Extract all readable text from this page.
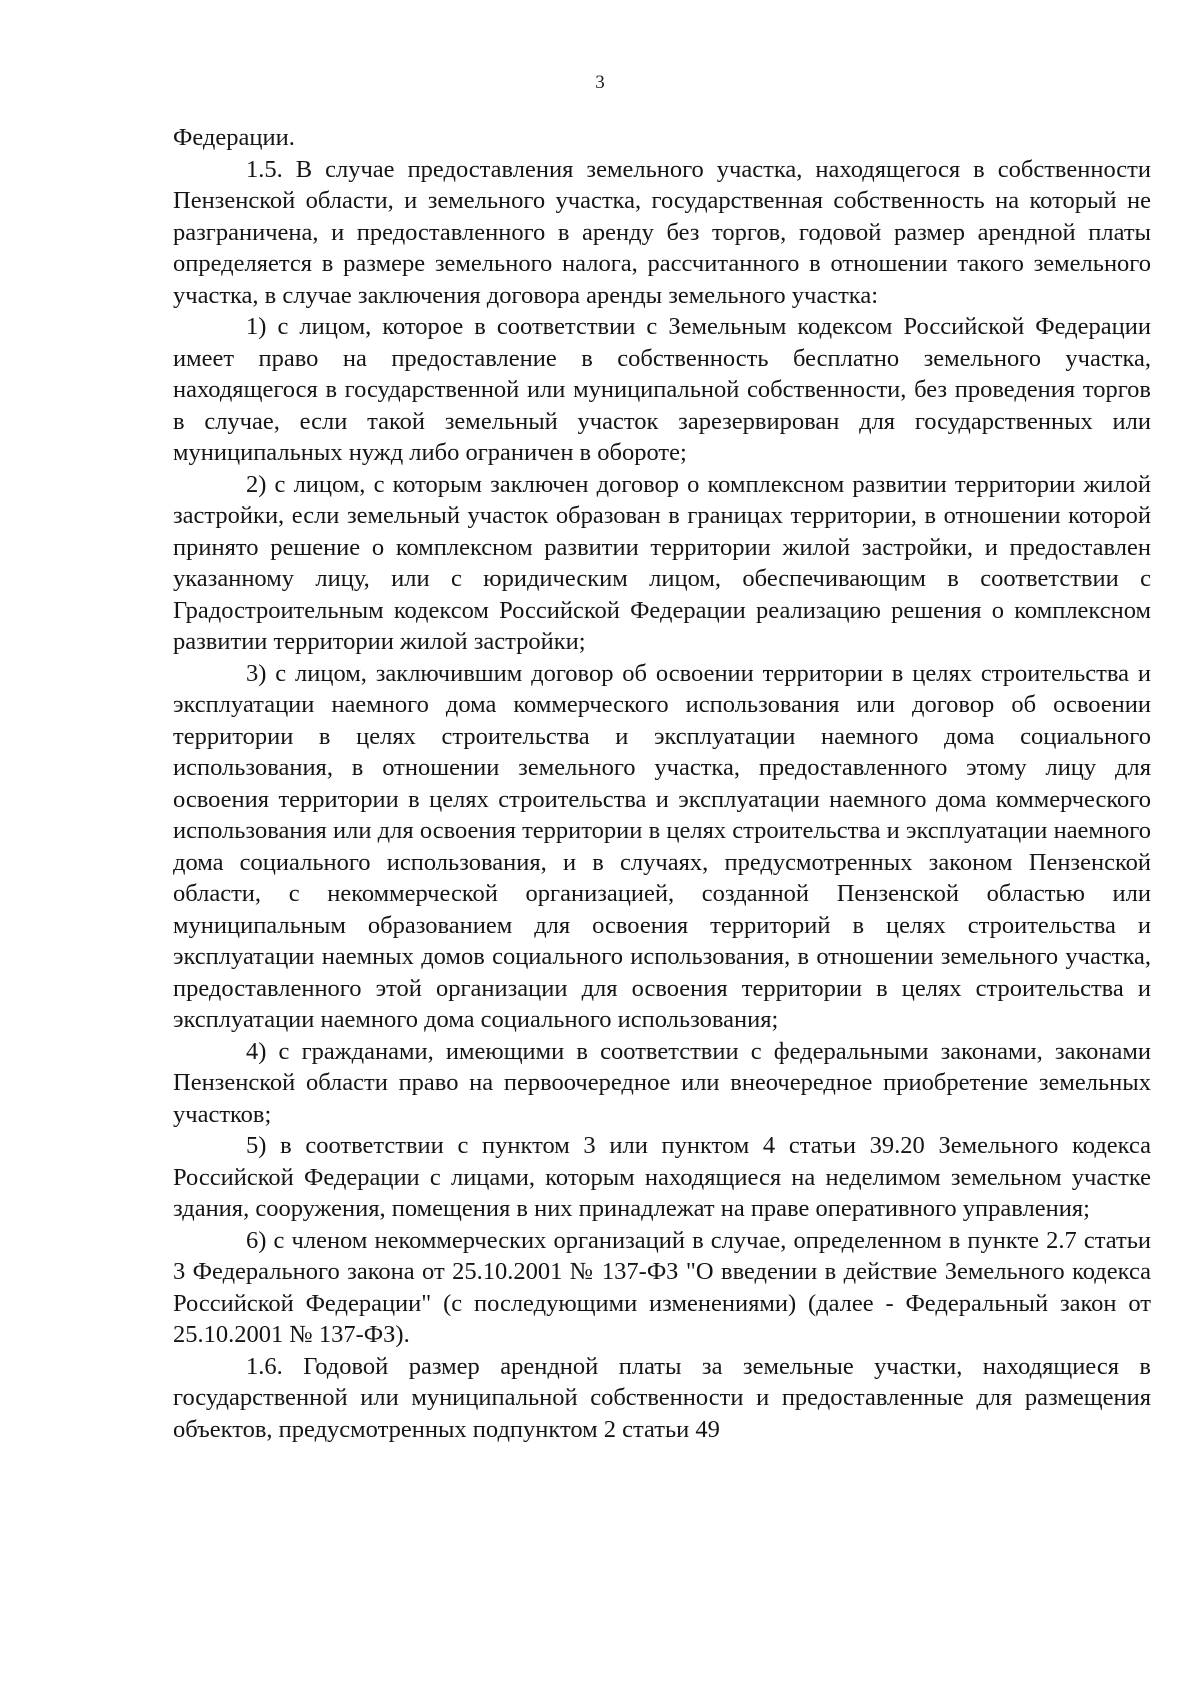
3

Федерации.

1.5. В случае предоставления земельного участка, находящегося в собственности Пензенской области, и земельного участка, государственная собственность на который не разграничена, и предоставленного в аренду без торгов, годовой размер арендной платы определяется в размере земельного налога, рассчитанного в отношении такого земельного участка, в случае заключения договора аренды земельного участка:

1) с лицом, которое в соответствии с Земельным кодексом Российской Федерации имеет право на предоставление в собственность бесплатно земельного участка, находящегося в государственной или муниципальной собственности, без проведения торгов в случае, если такой земельный участок зарезервирован для государственных или муниципальных нужд либо ограничен в обороте;

2) с лицом, с которым заключен договор о комплексном развитии территории жилой застройки, если земельный участок образован в границах территории, в отношении которой принято решение о комплексном развитии территории жилой застройки, и предоставлен указанному лицу, или с юридическим лицом, обеспечивающим в соответствии с Градостроительным кодексом Российской Федерации реализацию решения о комплексном развитии территории жилой застройки;

3) с лицом, заключившим договор об освоении территории в целях строительства и эксплуатации наемного дома коммерческого использования или договор об освоении территории в целях строительства и эксплуатации наемного дома социального использования, в отношении земельного участка, предоставленного этому лицу для освоения территории в целях строительства и эксплуатации наемного дома коммерческого использования или для освоения территории в целях строительства и эксплуатации наемного дома социального использования, и в случаях, предусмотренных законом Пензенской области, с некоммерческой организацией, созданной Пензенской областью или муниципальным образованием для освоения территорий в целях строительства и эксплуатации наемных домов социального использования, в отношении земельного участка, предоставленного этой организации для освоения территории в целях строительства и эксплуатации наемного дома социального использования;

4) с гражданами, имеющими в соответствии с федеральными законами, законами Пензенской области право на первоочередное или внеочередное приобретение земельных участков;

5) в соответствии с пунктом 3 или пунктом 4 статьи 39.20 Земельного кодекса Российской Федерации с лицами, которым находящиеся на неделимом земельном участке здания, сооружения, помещения в них принадлежат на праве оперативного управления;

6) с членом некоммерческих организаций в случае, определенном в пункте 2.7 статьи 3 Федерального закона от 25.10.2001 № 137-ФЗ "О введении в действие Земельного кодекса Российской Федерации" (с последующими изменениями) (далее - Федеральный закон от 25.10.2001 № 137-ФЗ).

1.6. Годовой размер арендной платы за земельные участки, находящиеся в государственной или муниципальной собственности и предоставленные для размещения объектов, предусмотренных подпунктом 2 статьи 49
